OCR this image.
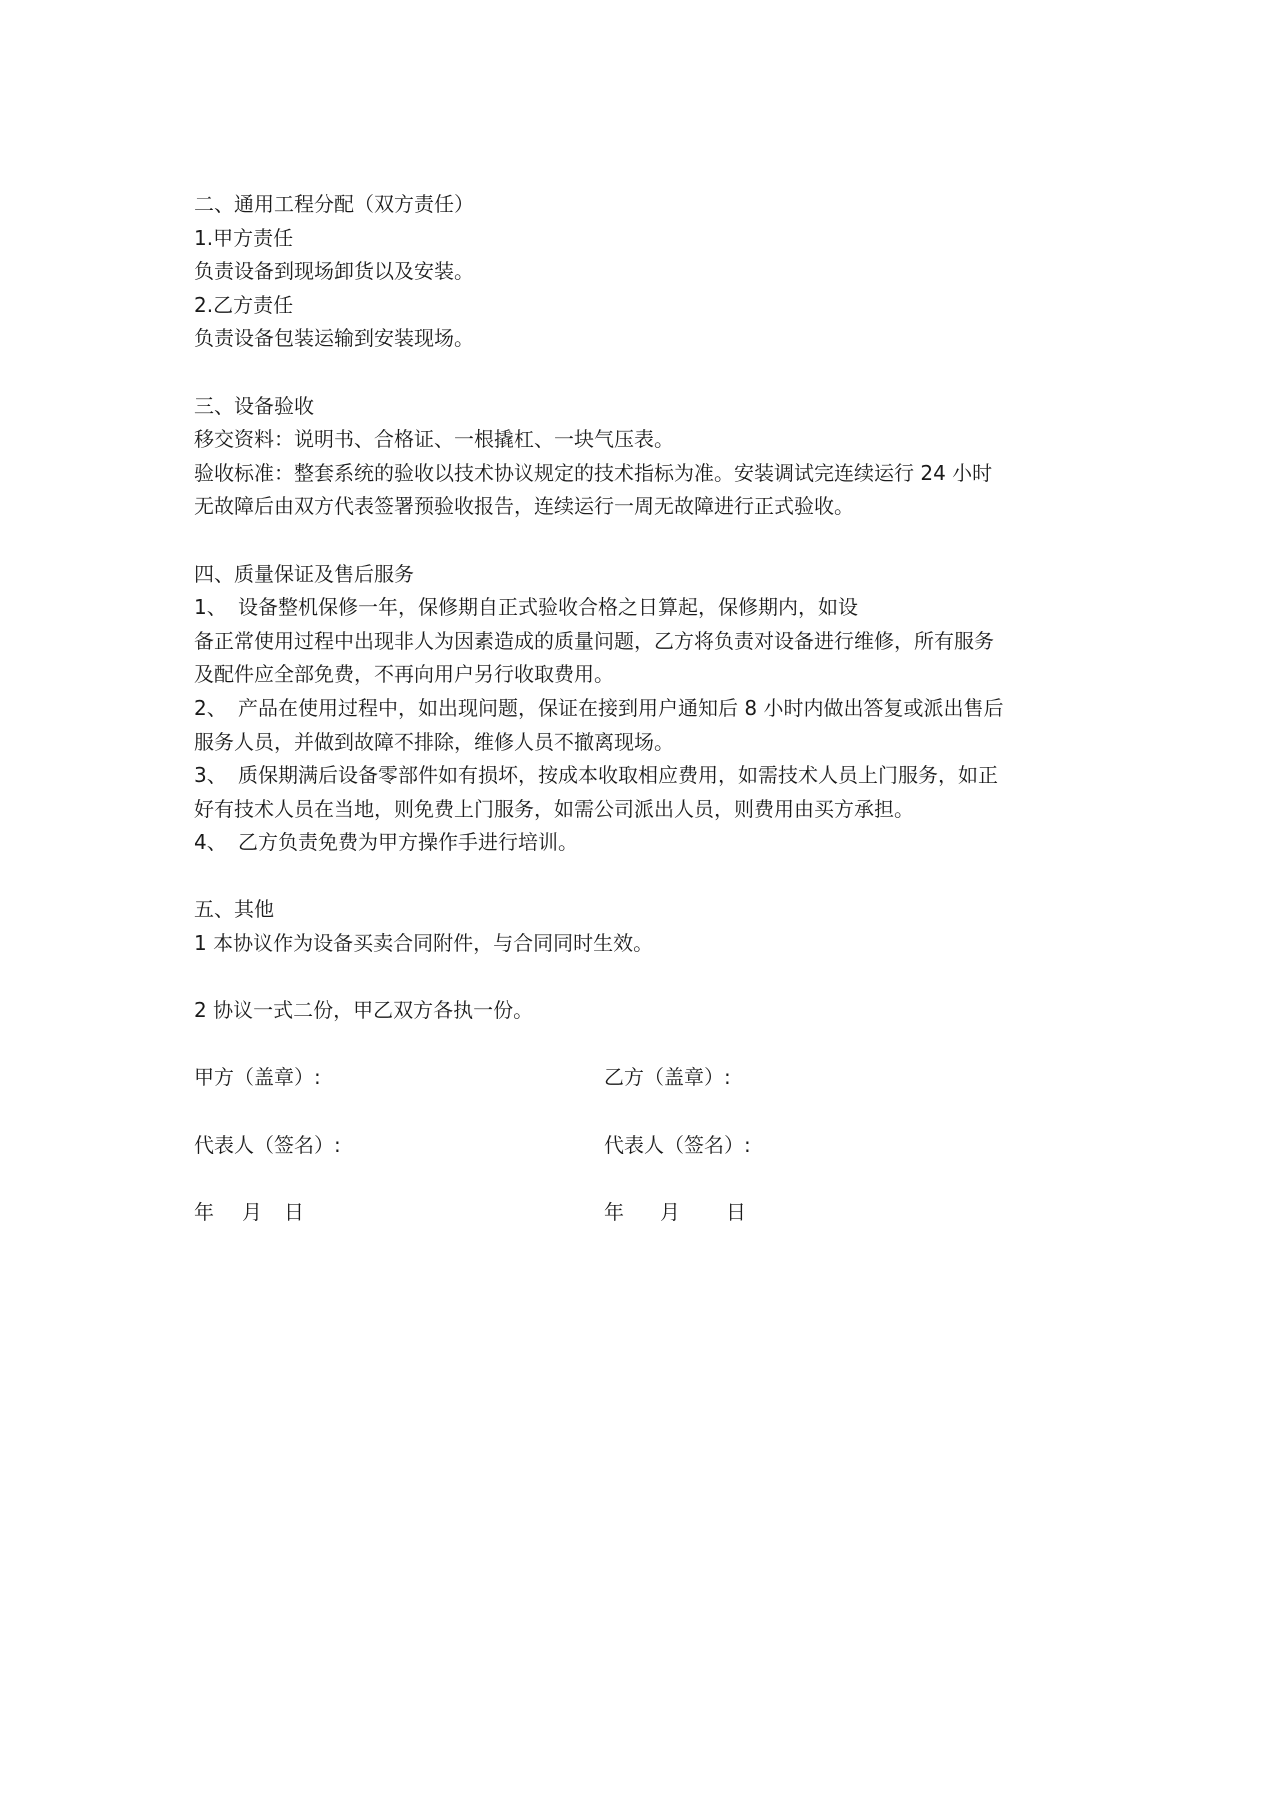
二、通用工程分配（双方责任）
1.甲方责任
负责设备到现场卸货以及安装。
2.乙方责任
负责设备包装运输到安装现场。
三、设备验收
移交资料：说明书、合格证、一根撬杠、一块气压表。
验收标准：整套系统的验收以技术协议规定的技术指标为准。安装调试完连续运行 24 小时
无故障后由双方代表签署预验收报告，连续运行一周无故障进行正式验收。
四、质量保证及售后服务
1、 设备整机保修一年，保修期自正式验收合格之日算起，保修期内，如设
备正常使用过程中出现非人为因素造成的质量问题，乙方将负责对设备进行维修，所有服务
及配件应全部免费，不再向用户另行收取费用。
2、 产品在使用过程中，如出现问题，保证在接到用户通知后 8 小时内做出答复或派出售后
服务人员，并做到故障不排除，维修人员不撤离现场。
3、 质保期满后设备零部件如有损坏，按成本收取相应费用，如需技术人员上门服务，如正
好有技术人员在当地，则免费上门服务，如需公司派出人员，则费用由买方承担。
4、 乙方负责免费为甲方操作手进行培训。
五、其他
1 本协议作为设备买卖合同附件，与合同同时生效。
2 协议一式二份，甲乙双方各执一份。
甲方（盖章）:	乙方（盖章）:
代表人（签名）:	代表人（签名）:
年 月 日	年 月 日
